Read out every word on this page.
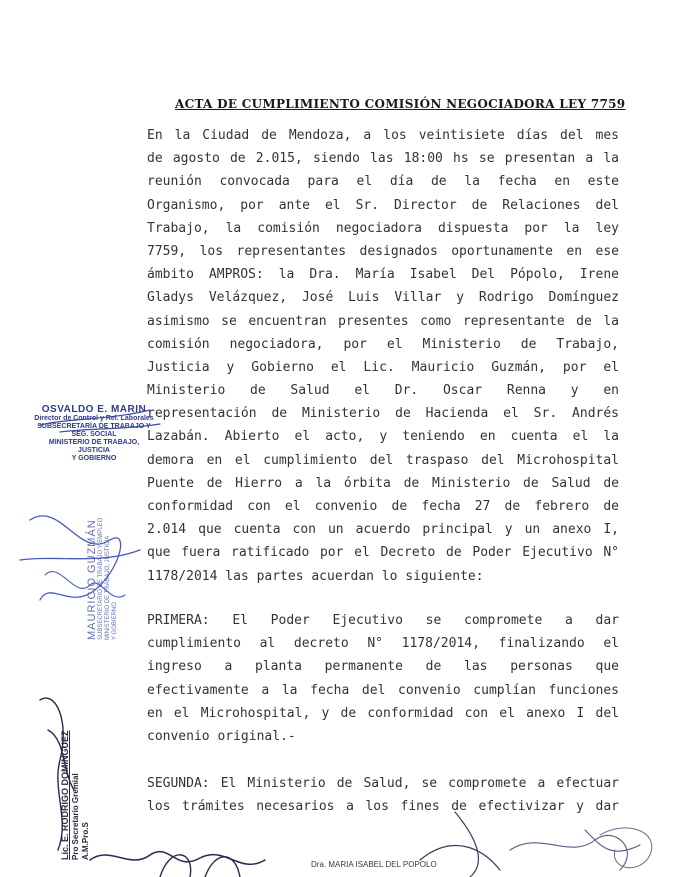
ACTA DE CUMPLIMIENTO COMISIÓN NEGOCIADORA LEY 7759
En la Ciudad de Mendoza, a los veintisiete días del mes
de agosto de 2.015, siendo las 18:00 hs se presentan a la
reunión convocada para el día de la fecha en este
Organismo, por ante el Sr. Director de Relaciones del
Trabajo, la comisión negociadora dispuesta por la ley
7759, los representantes designados oportunamente en ese
ámbito AMPROS: la Dra. María Isabel Del Pópolo, Irene
Gladys Velázquez, José Luis Villar y Rodrigo Domínguez
asimismo se encuentran presentes como representante de la
comisión negociadora, por el Ministerio de Trabajo,
Justicia y Gobierno el Lic. Mauricio Guzmán, por el
Ministerio de Salud el Dr. Oscar Renna y en
representación de Ministerio de Hacienda el Sr. Andrés
Lazabán. Abierto el acto, y teniendo en cuenta el la
demora en el cumplimiento del traspaso del Microhospital
Puente de Hierro a la órbita de Ministerio de Salud de
conformidad con el convenio de fecha 27 de febrero de
2.014 que cuenta con un acuerdo principal y un anexo I,
que fuera ratificado por el Decreto de Poder Ejecutivo N°
1178/2014 las partes acuerdan lo siguiente:
PRIMERA: El Poder Ejecutivo se compromete a dar
cumplimiento al decreto N° 1178/2014, finalizando el
ingreso a planta permanente de las personas que
efectivamente a la fecha del convenio cumplían funciones
en el Microhospital, y de conformidad con el anexo I del
convenio original.-
SEGUNDA: El Ministerio de Salud, se compromete a efectuar
los trámites necesarios a los fines de efectivizar y dar
OSVALDO E. MARIN
Director de Control y Rel. Laborales
SUBSECRETARÍA DE TRABAJO Y SEG. SOCIAL
MINISTERIO DE TRABAJO, JUSTICIA
Y GOBIERNO
MAURICIO GUZMÁN SUBSECRETARIO DE TRABAJO Y EMPLEO MINISTERIO DE TRABAJO, JUSTICIA Y GOBIERNO
Lic. E. RODRIGO DOMINGUEZ Pro Secretario Gremial A.M.Pro.S
Dra. MARIA ISABEL DEL POPOLO
